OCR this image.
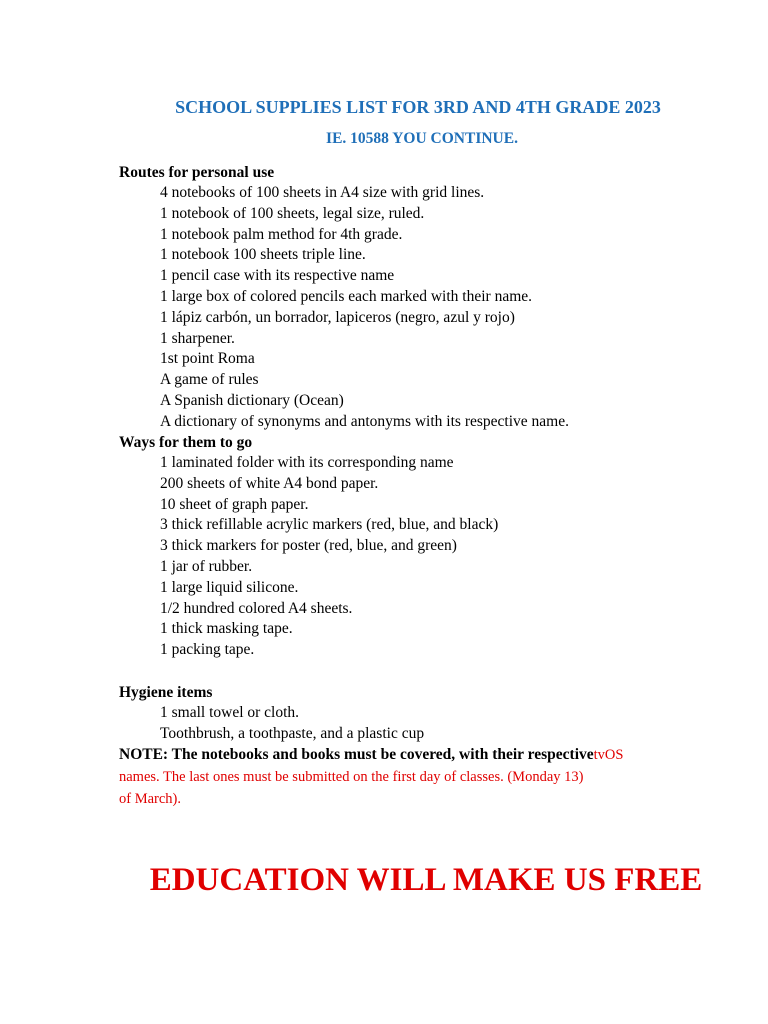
SCHOOL SUPPLIES LIST FOR 3RD AND 4TH GRADE 2023
IE. 10588 YOU CONTINUE.
Routes for personal use
4 notebooks of 100 sheets in A4 size with grid lines.
1 notebook of 100 sheets, legal size, ruled.
1 notebook palm method for 4th grade.
1 notebook 100 sheets triple line.
1 pencil case with its respective name
1 large box of colored pencils each marked with their name.
1 lápiz carbón, un borrador, lapiceros (negro, azul y rojo)
1 sharpener.
1st point Roma
A game of rules
A Spanish dictionary (Ocean)
A dictionary of synonyms and antonyms with its respective name.
Ways for them to go
1 laminated folder with its corresponding name
200 sheets of white A4 bond paper.
10 sheet of graph paper.
3 thick refillable acrylic markers (red, blue, and black)
3 thick markers for poster (red, blue, and green)
1 jar of rubber.
1 large liquid silicone.
1/2 hundred colored A4 sheets.
1 thick masking tape.
1 packing tape.
Hygiene items
1 small towel or cloth.
Toothbrush, a toothpaste, and a plastic cup
NOTE: The notebooks and books must be covered, with their respectivetvOS
names. The last ones must be submitted on the first day of classes. (Monday 13)
of March).
EDUCATION WILL MAKE US FREE
